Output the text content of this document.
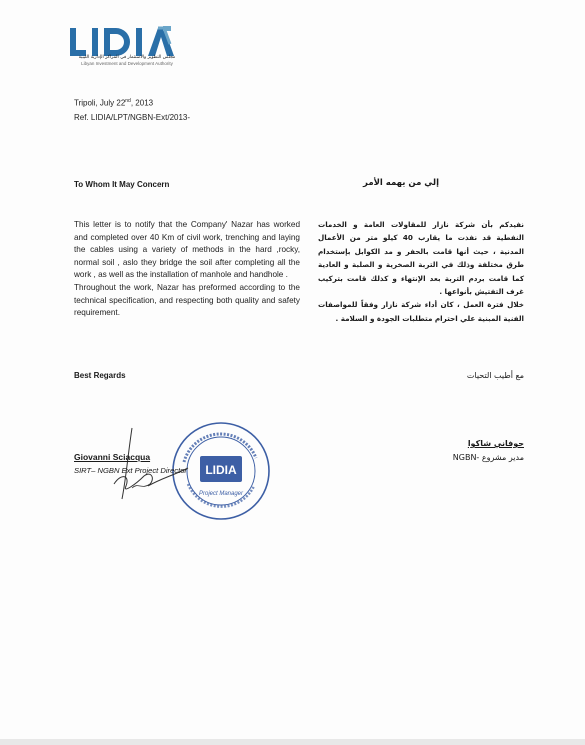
مجلس التطوير والاستثمار في المراكز الإدارية الليبية
Libyan Investment and Development Authority
Tripoli, July 22nd, 2013
Ref. LIDIA/LPT/NGBN-Ext/2013-
To Whom It May Concern

This letter is to notify that the Company' Nazar has worked and completed over 40 Km of civil work, trenching and laying the cables using a variety of methods in the hard ,rocky, normal soil , aslo they bridge the soil after completing all the work , as well as the installation of manhole and handhole .

Throughout the work, Nazar has preformed according to the technical specification, and respecting both quality and safety requirement.

Best Regards
إلي من يهمه الأمر

نفيدكم بأن شركة نازار للمقاولات العامة و الخدمات النفطية قد نفذت ما يقارب 40 كيلو متر من الأعمال المدنية ، حيث أنها قامت بالحفر و مد الكوابل بإستخدام طرق مختلفة وذلك في التربة الصخرية و الصلبة و العادية كما قامت بردم التربة بعد الإنتهاء و كذلك قامت بتركيب غرف التفتيش بأنواعها .

خلال فترة العمل ، كان أداء شركة نازار وفقاً للمواصفات الفنية المبنية علي احترام متطلبات الجودة و السلامة .

مع أطيب التحيات
جوفاني شاكوا
مدير مشروع -NGBN
LIDIA
Project Manager
Giovanni Sciacqua
SIRT– NGBN Ext Project Director
